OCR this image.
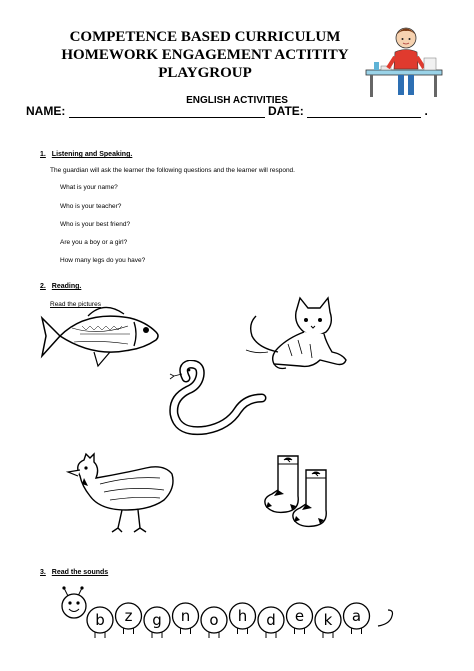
COMPETENCE BASED CURRICULUM
HOMEWORK ENGAGEMENT ACTITITY
PLAYGROUP
ENGLISH ACTIVITIES
NAME:	DATE:	.
1. Listening and Speaking.
The guardian will ask the learner the following questions and the learner will respond.
What is your name?
Who is your teacher?
Who is your best friend?
Are you a boy or a girl?
How many legs do you have?
2. Reading.
Read the pictures
3. Read the sounds
b z g n o h d e k a
